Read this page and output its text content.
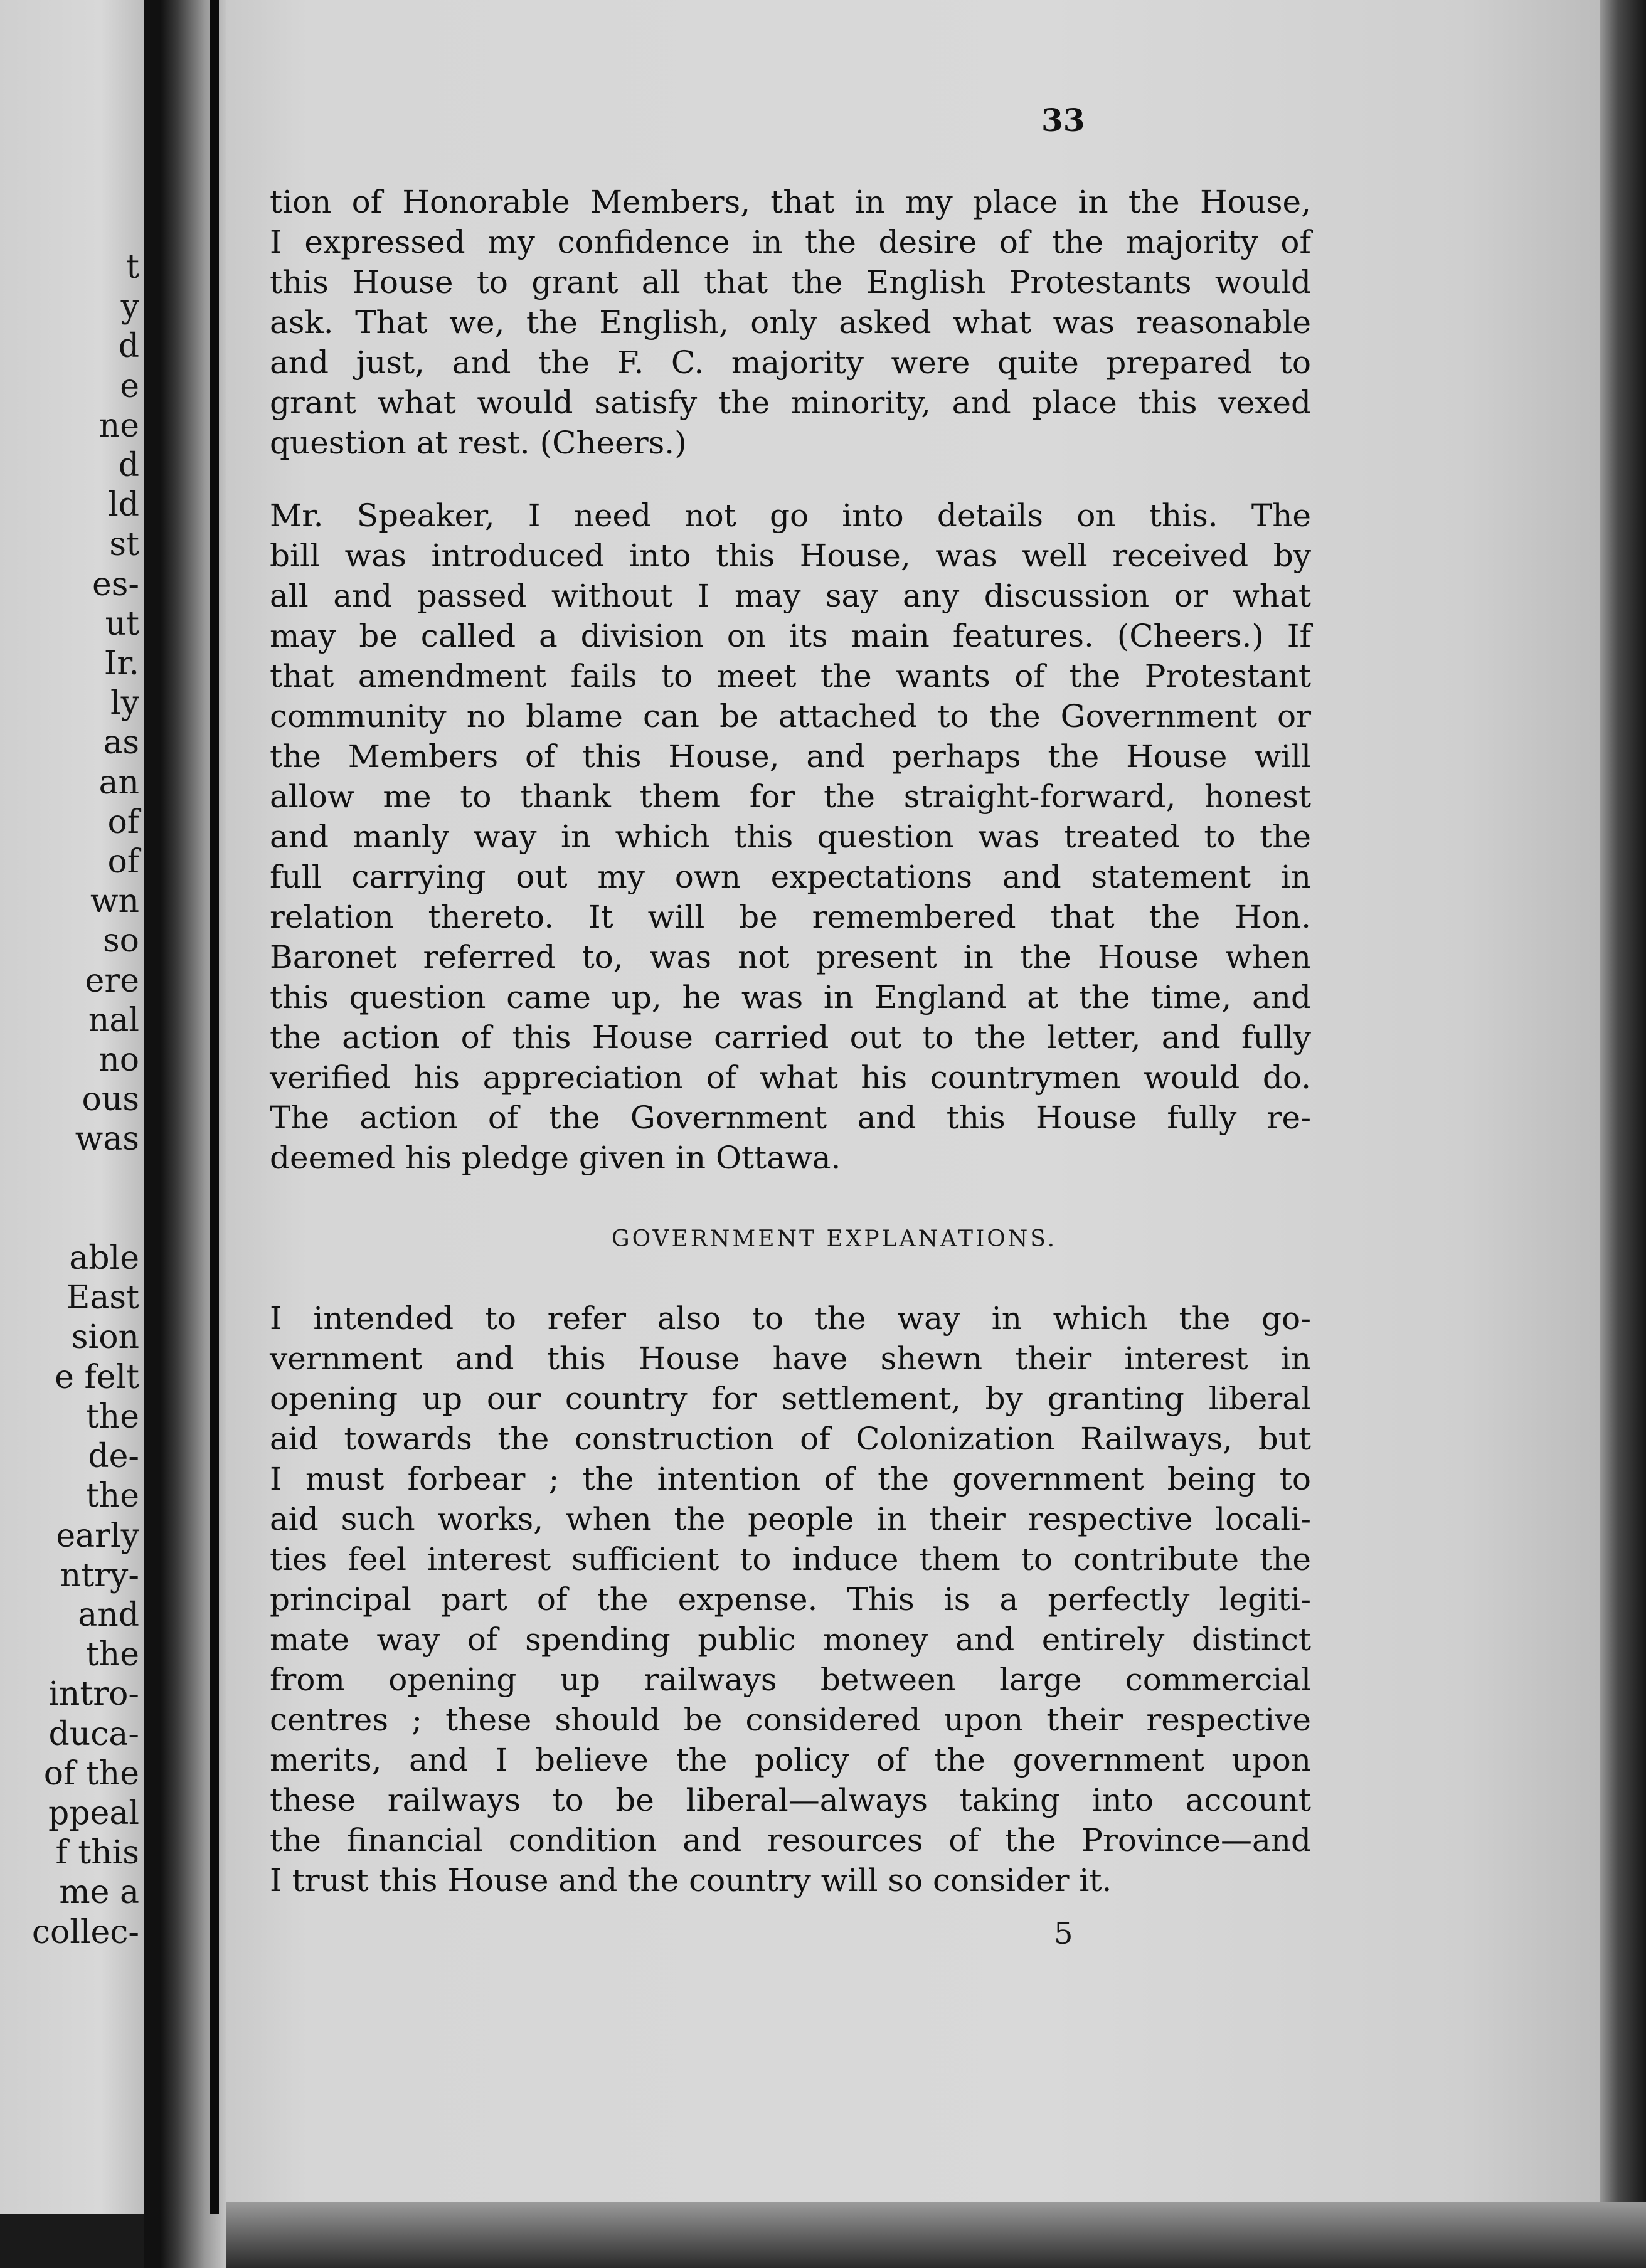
t
y
d
e
ne
d
ld
st
es-
ut
Ir.
ly
as
an
of
of
wn
so
ere
nal
no
ous
was

able
East
sion
e felt
the
de-
the
early
ntry-
and
the
intro-
duca-
of the
ppeal
f this
me a
collec-
33
tion of Honorable Members, that in my place in the House,
I expressed my confidence in the desire of the majority of
this House to grant all that the English Protestants would
ask. That we, the English, only asked what was reasonable
and just, and the F. C. majority were quite prepared to
grant what would satisfy the minority, and place this vexed
question at rest. (Cheers.)
Mr. Speaker, I need not go into details on this. The
bill was introduced into this House, was well received by
all and passed without I may say any discussion or what
may be called a division on its main features. (Cheers.) If
that amendment fails to meet the wants of the Protestant
community no blame can be attached to the Government or
the Members of this House, and perhaps the House will
allow me to thank them for the straight-forward, honest
and manly way in which this question was treated to the
full carrying out my own expectations and statement in
relation thereto. It will be remembered that the Hon.
Baronet referred to, was not present in the House when
this question came up, he was in England at the time, and
the action of this House carried out to the letter, and fully
verified his appreciation of what his countrymen would do.
The action of the Government and this House fully re-
deemed his pledge given in Ottawa.
GOVERNMENT EXPLANATIONS.
I intended to refer also to the way in which the go-
vernment and this House have shewn their interest in
opening up our country for settlement, by granting liberal
aid towards the construction of Colonization Railways, but
I must forbear ; the intention of the government being to
aid such works, when the people in their respective locali-
ties feel interest sufficient to induce them to contribute the
principal part of the expense. This is a perfectly legiti-
mate way of spending public money and entirely distinct
from opening up railways between large commercial
centres ; these should be considered upon their respective
merits, and I believe the policy of the government upon
these railways to be liberal—always taking into account
the financial condition and resources of the Province—and
I trust this House and the country will so consider it.
5
